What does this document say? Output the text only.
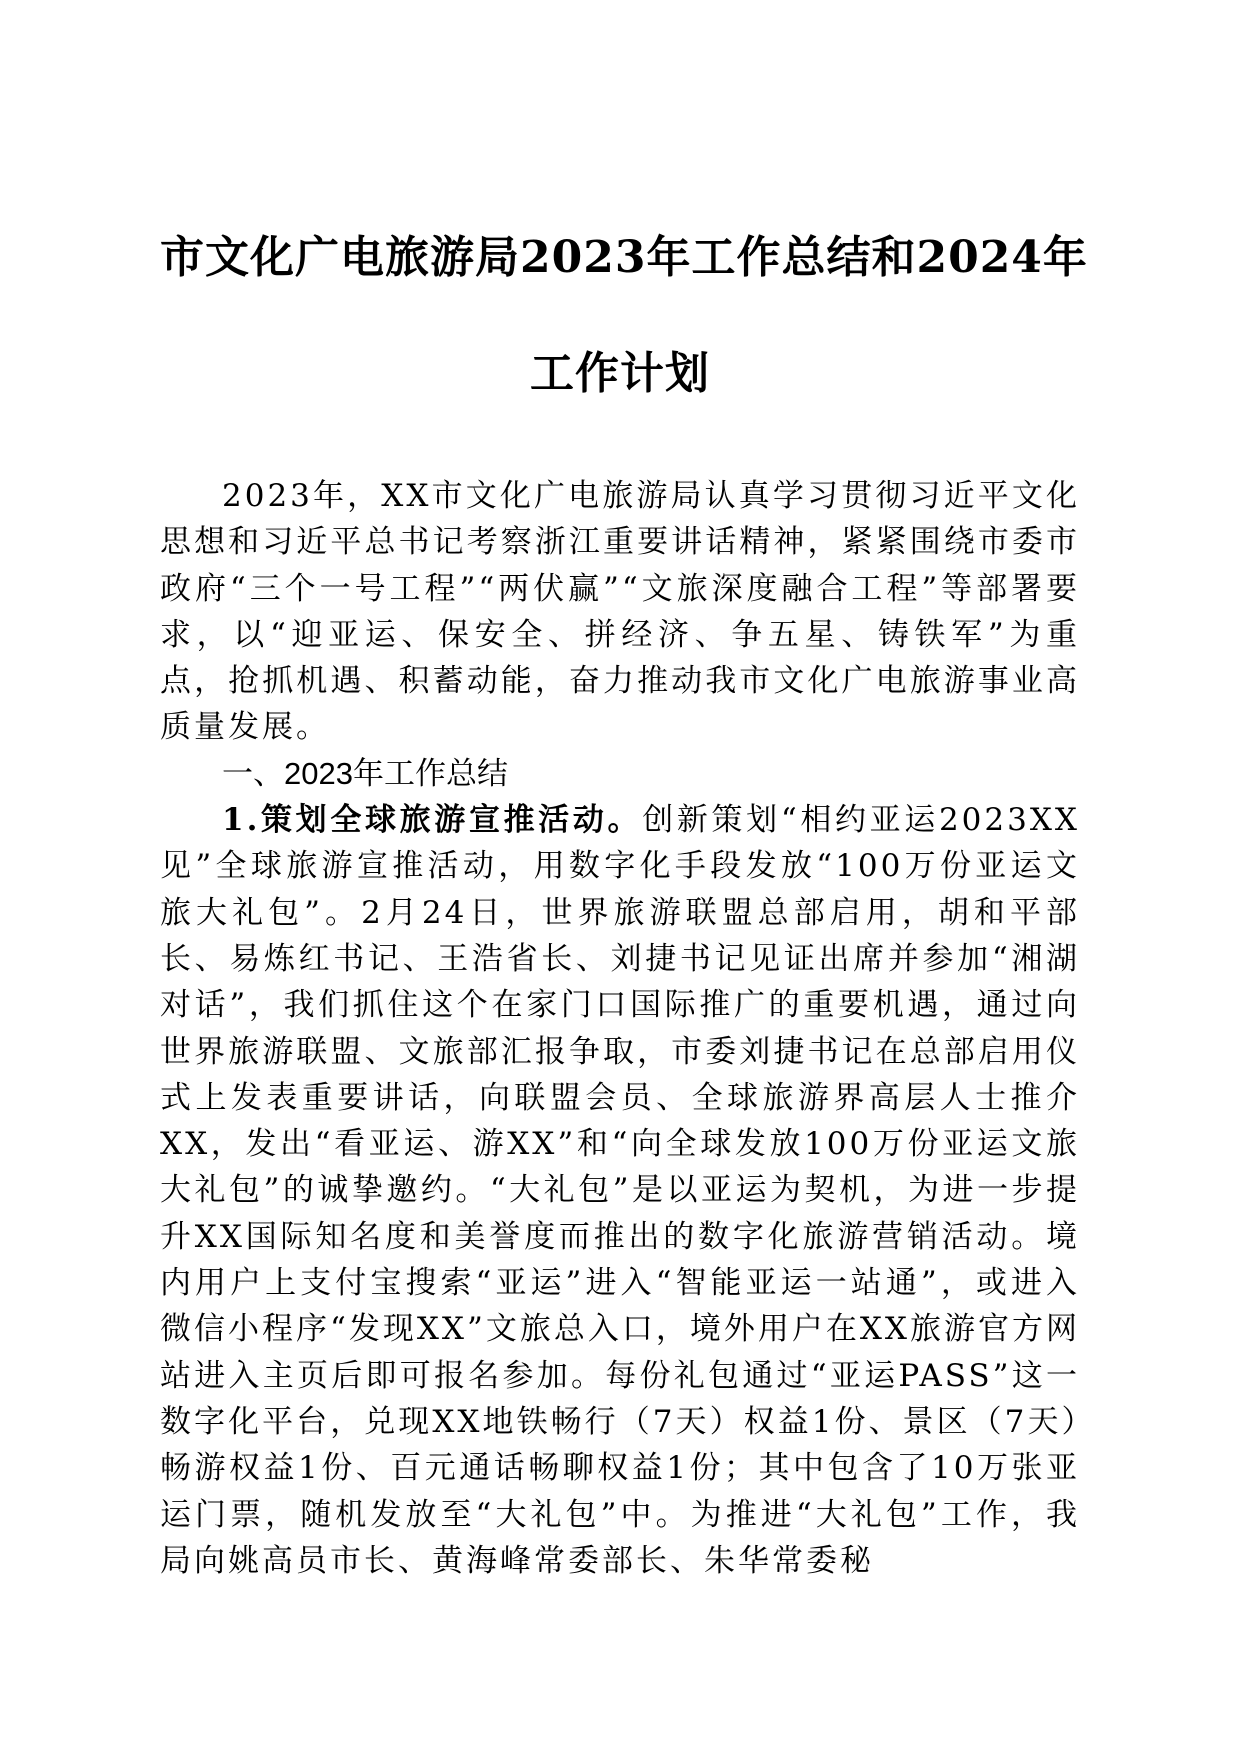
市文化广电旅游局2023年工作总结和2024年
工作计划

2023年，XX市文化广电旅游局认真学习贯彻习近平文化思想和习近平总书记考察浙江重要讲话精神，紧紧围绕市委市政府“三个一号工程”“两伏赢”“文旅深度融合工程”等部署要求，以“迎亚运、保安全、拼经济、争五星、铸铁军”为重点，抢抓机遇、积蓄动能，奋力推动我市文化广电旅游事业高质量发展。

一、2023年工作总结

1.策划全球旅游宣推活动。创新策划“相约亚运2023XX见”全球旅游宣推活动，用数字化手段发放“100万份亚运文旅大礼包”。2月24日，世界旅游联盟总部启用，胡和平部长、易炼红书记、王浩省长、刘捷书记见证出席并参加“湘湖对话”，我们抓住这个在家门口国际推广的重要机遇，通过向世界旅游联盟、文旅部汇报争取，市委刘捷书记在总部启用仪式上发表重要讲话，向联盟会员、全球旅游界高层人士推介XX，发出“看亚运、游XX”和“向全球发放100万份亚运文旅大礼包”的诚挚邀约。“大礼包”是以亚运为契机，为进一步提升XX国际知名度和美誉度而推出的数字化旅游营销活动。境内用户上支付宝搜索“亚运”进入“智能亚运一站通”，或进入微信小程序“发现XX”文旅总入口，境外用户在XX旅游官方网站进入主页后即可报名参加。每份礼包通过“亚运PASS”这一数字化平台，兑现XX地铁畅行（7天）权益1份、景区（7天）畅游权益1份、百元通话畅聊权益1份；其中包含了10万张亚运门票，随机发放至“大礼包”中。为推进“大礼包”工作，我局向姚高员市长、黄海峰常委部长、朱华常委秘
